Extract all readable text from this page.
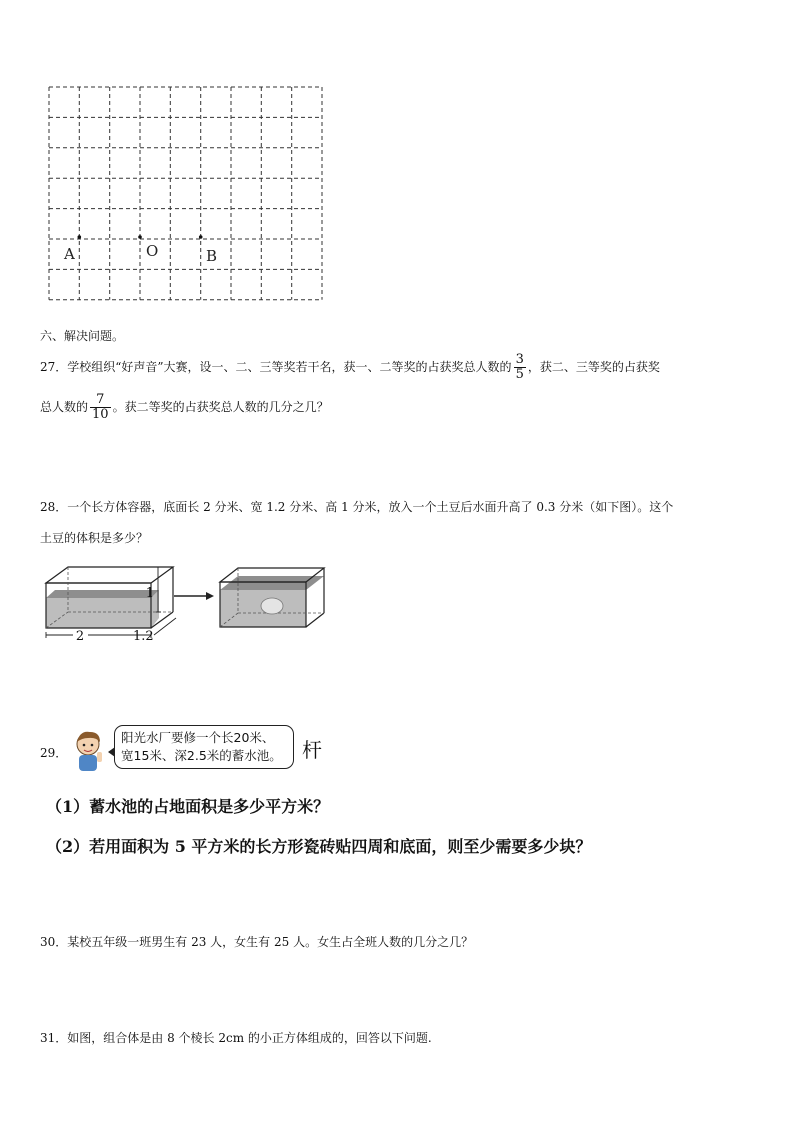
A	O	B
六、解决问题。
27．学校组织“好声音”大赛，设一、二、三等奖若干名，获一、二等奖的占获奖总人数的 $\frac{3}{5}$ ，获二、三等奖的占获奖
总人数的 $\frac{7}{10}$ 。获二等奖的占获奖总人数的几分之几？
28．一个长方体容器，底面长 2 分米、宽 1.2 分米、高 1 分米，放入一个土豆后水面升高了 0.3 分米（如下图）。这个
土豆的体积是多少？
1
2	1.2
29．
阳光水厂要修一个长20米、
宽15米、深2.5米的蓄水池。 杆
（1）蓄水池的占地面积是多少平方米？
（2）若用面积为 5 平方米的长方形瓷砖贴四周和底面，则至少需要多少块？
30．某校五年级一班男生有 23 人，女生有 25 人。女生占全班人数的几分之几？
31．如图，组合体是由 8 个棱长 2cm 的小正方体组成的，回答以下问题.
